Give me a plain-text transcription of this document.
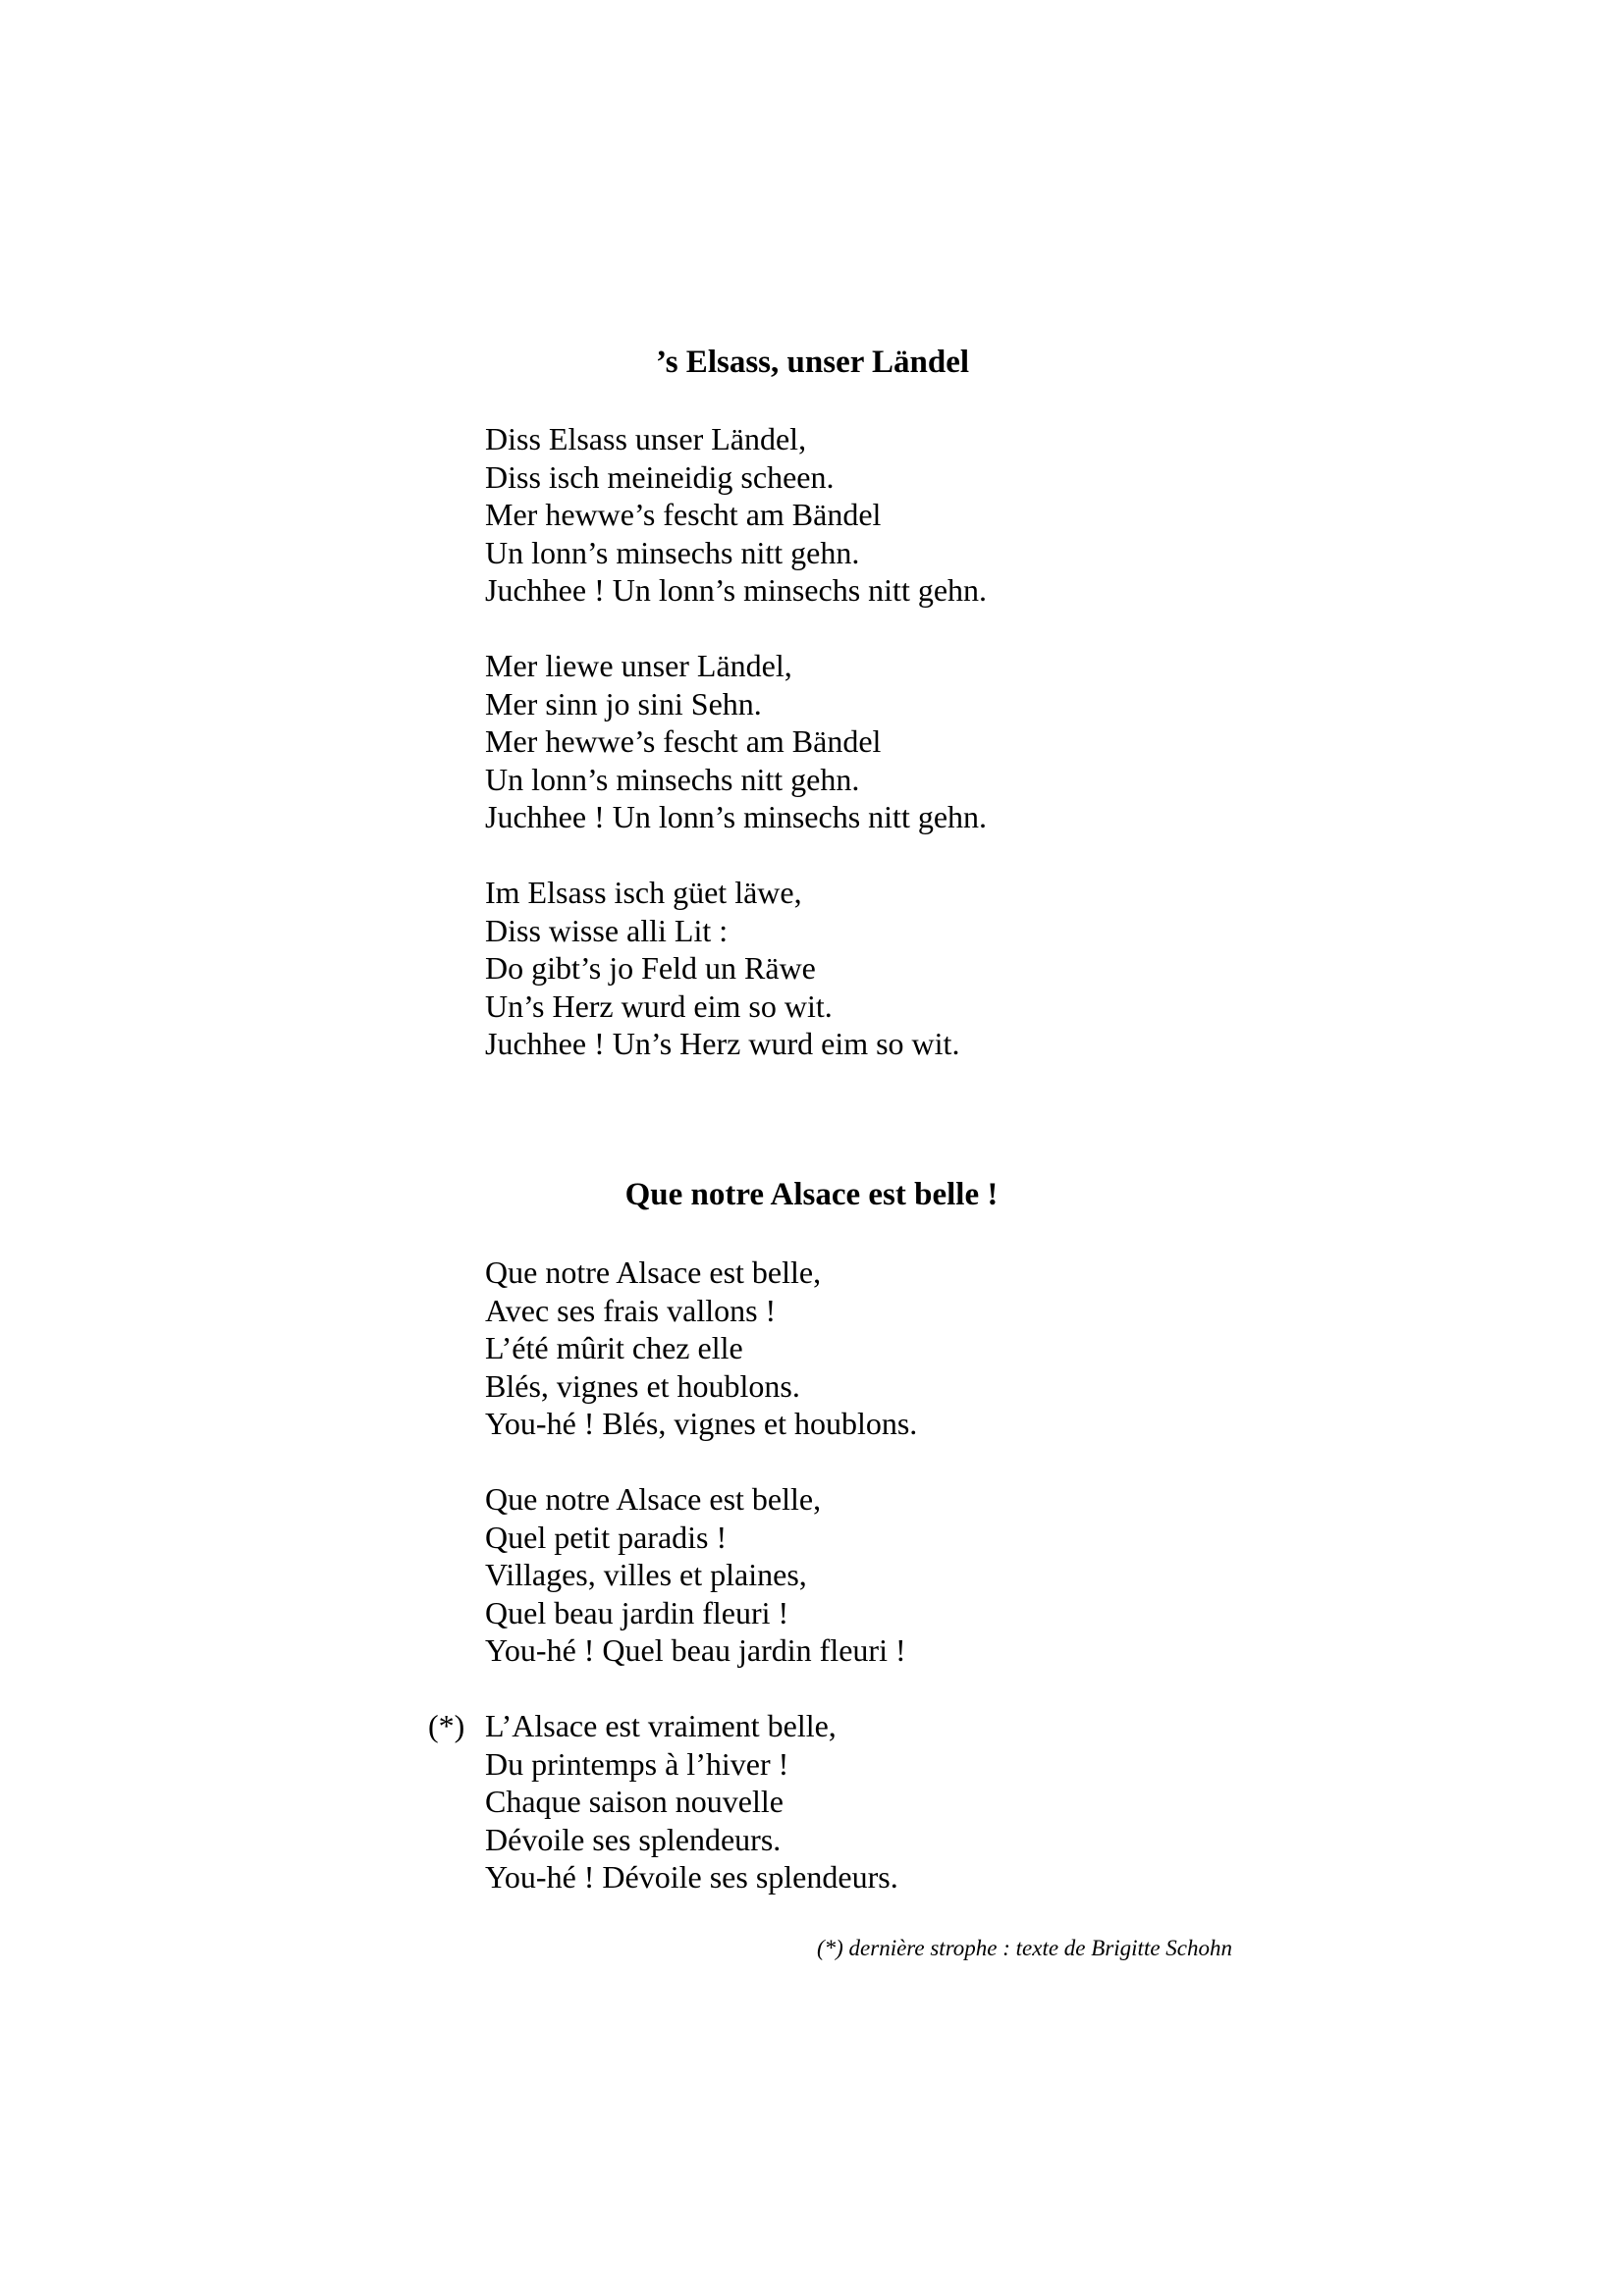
’s Elsass, unser Ländel
Diss Elsass unser Ländel,
Diss isch meineidig scheen.
Mer hewwe’s fescht am Bändel
Un lonn’s minsechs nitt gehn.
Juchhee ! Un lonn’s minsechs nitt gehn.
Mer liewe unser Ländel,
Mer sinn jo sini Sehn.
Mer hewwe’s fescht am Bändel
Un lonn’s minsechs nitt gehn.
Juchhee ! Un lonn’s minsechs nitt gehn.
Im Elsass isch güet läwe,
Diss wisse alli Lit :
Do gibt’s jo Feld un Räwe
Un’s Herz wurd eim so wit.
Juchhee ! Un’s Herz wurd eim so wit.
Que notre Alsace est belle !
Que notre Alsace est belle,
Avec ses frais vallons !
L’été mûrit chez elle
Blés, vignes et houblons.
You-hé ! Blés, vignes et houblons.
Que notre Alsace est belle,
Quel petit paradis !
Villages, villes et plaines,
Quel beau jardin fleuri !
You-hé ! Quel beau jardin fleuri !
(*) L’Alsace est vraiment belle,
Du printemps à l’hiver !
Chaque saison nouvelle
Dévoile ses splendeurs.
You-hé ! Dévoile ses splendeurs.
(*) dernière strophe : texte de Brigitte Schohn
